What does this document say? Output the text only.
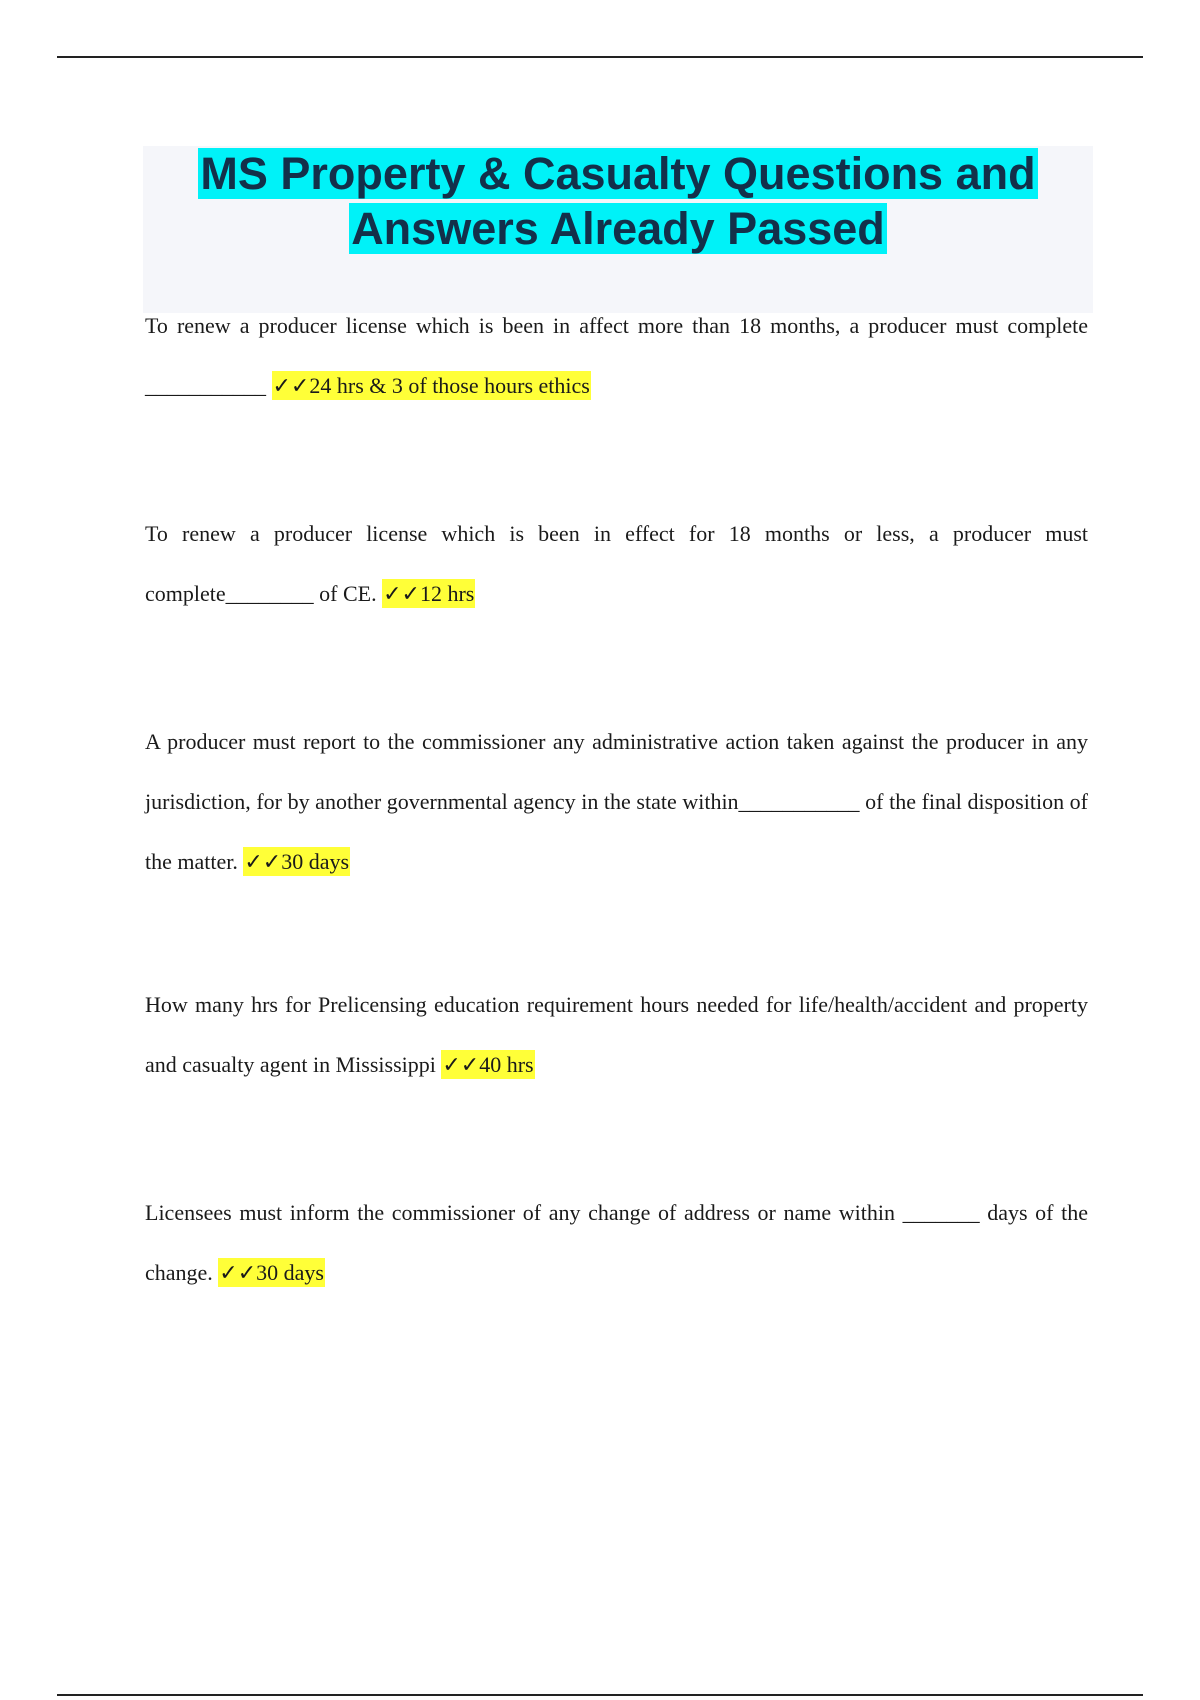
MS Property & Casualty Questions and
Answers Already Passed

To renew a producer license which is been in affect more than 18 months, a producer must complete ___________ ✓✓24 hrs & 3 of those hours ethics

To renew a producer license which is been in effect for 18 months or less, a producer must complete________ of CE. ✓✓12 hrs

A producer must report to the commissioner any administrative action taken against the producer in any jurisdiction, for by another governmental agency in the state within___________ of the final disposition of the matter. ✓✓30 days

How many hrs for Prelicensing education requirement hours needed for life/health/accident and property and casualty agent in Mississippi ✓✓40 hrs

Licensees must inform the commissioner of any change of address or name within _______ days of the change. ✓✓30 days
